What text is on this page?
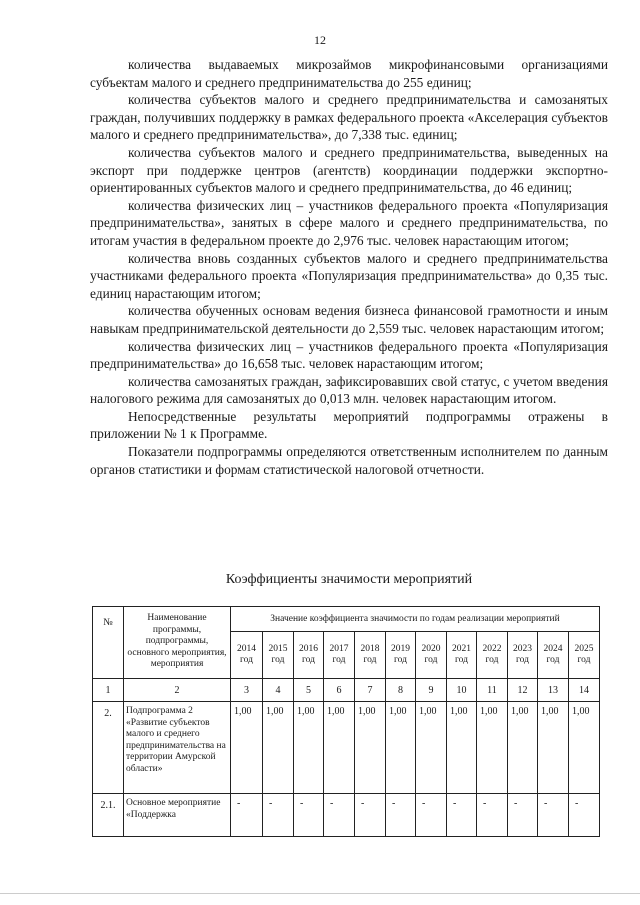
12

количества выдаваемых микрозаймов микрофинансовыми организациями субъектам малого и среднего предпринимательства до 255 единиц;

количества субъектов малого и среднего предпринимательства и самозанятых граждан, получивших поддержку в рамках федерального проекта «Акселерация субъектов малого и среднего предпринимательства», до 7,338 тыс. единиц;

количества субъектов малого и среднего предпринимательства, выведенных на экспорт при поддержке центров (агентств) координации поддержки экспортно-ориентированных субъектов малого и среднего предпринимательства, до 46 единиц;

количества физических лиц – участников федерального проекта «Популяризация предпринимательства», занятых в сфере малого и среднего предпринимательства, по итогам участия в федеральном проекте до 2,976 тыс. человек нарастающим итогом;

количества вновь созданных субъектов малого и среднего предпринимательства участниками федерального проекта «Популяризация предпринимательства» до 0,35 тыс. единиц нарастающим итогом;

количества обученных основам ведения бизнеса финансовой грамотности и иным навыкам предпринимательской деятельности до 2,559 тыс. человек нарастающим итогом;

количества физических лиц – участников федерального проекта «Популяризация предпринимательства» до 16,658 тыс. человек нарастающим итогом;

количества самозанятых граждан, зафиксировавших свой статус, с учетом введения налогового режима для самозанятых до 0,013 млн. человек нарастающим итогом.

Непосредственные результаты мероприятий подпрограммы отражены в приложении № 1 к Программе.

Показатели подпрограммы определяются ответственным исполнителем по данным органов статистики и формам статистической налоговой отчетности.

Коэффициенты значимости мероприятий
№	Наименование программы, подпрограммы, основного мероприятия, мероприятия	Значение коэффициента значимости по годам реализации мероприятий											
		2014 год	2015 год	2016 год	2017 год	2018 год	2019 год	2020 год	2021 год	2022 год	2023 год	2024 год	2025 год
1	2	3	4	5	6	7	8	9	10	11	12	13	14
2.	Подпрограмма 2 «Развитие субъектов малого и среднего предпринимательства на территории Амурской области»	1,00	1,00	1,00	1,00	1,00	1,00	1,00	1,00	1,00	1,00	1,00	1,00
2.1.	Основное мероприятие «Поддержка	-	-	-	-	-	-	-	-	-	-	-	-
